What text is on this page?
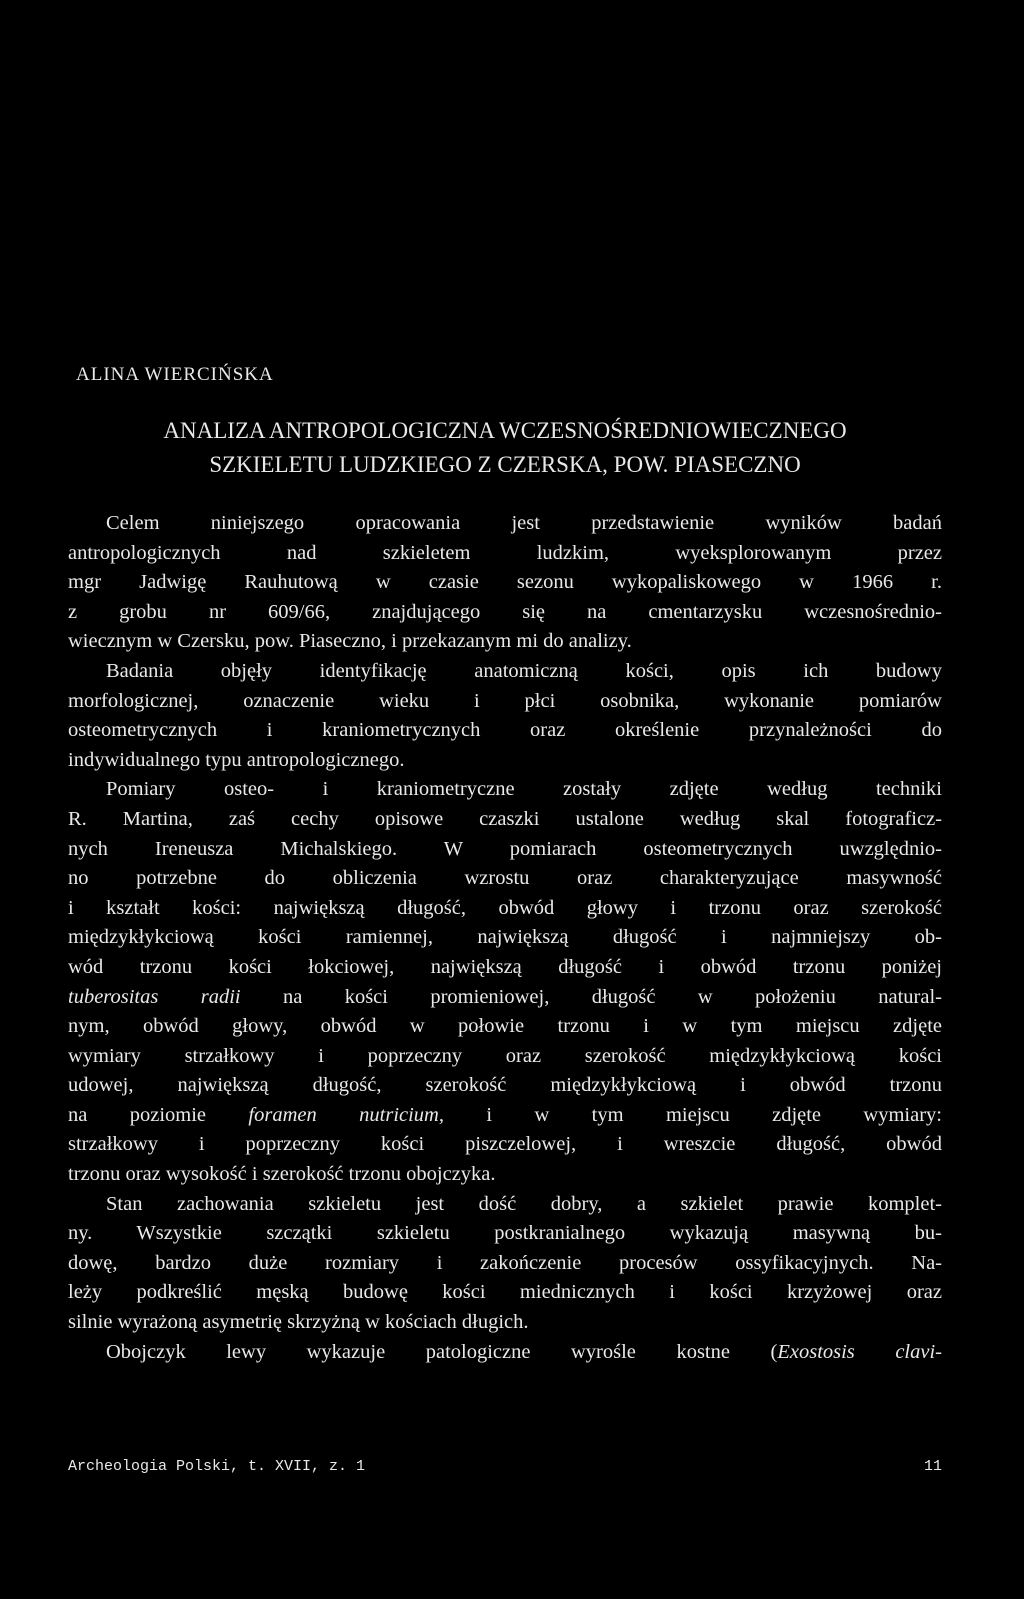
ALINA WIERCIŃSKA
ANALIZA ANTROPOLOGICZNA WCZESNOŚREDNIOWIECZNEGO
SZKIELETU LUDZKIEGO Z CZERSKA, POW. PIASECZNO
Celem niniejszego opracowania jest przedstawienie wyników badań
antropologicznych nad szkieletem ludzkim, wyeksplorowanym przez
mgr Jadwigę Rauhutową w czasie sezonu wykopaliskowego w 1966 r.
z grobu nr 609/66, znajdującego się na cmentarzysku wczesnośrednio-
wiecznym w Czersku, pow. Piaseczno, i przekazanym mi do analizy.
Badania objęły identyfikację anatomiczną kości, opis ich budowy
morfologicznej, oznaczenie wieku i płci osobnika, wykonanie pomiarów
osteometrycznych i kraniometrycznych oraz określenie przynależności do
indywidualnego typu antropologicznego.
Pomiary osteo- i kraniometryczne zostały zdjęte według techniki
R. Martina, zaś cechy opisowe czaszki ustalone według skal fotograficz-
nych Ireneusza Michalskiego. W pomiarach osteometrycznych uwzględnio-
no potrzebne do obliczenia wzrostu oraz charakteryzujące masywność
i kształt kości: największą długość, obwód głowy i trzonu oraz szerokość
międzykłykciową kości ramiennej, największą długość i najmniejszy ob-
wód trzonu kości łokciowej, największą długość i obwód trzonu poniżej
tuberositas radii na kości promieniowej, długość w położeniu natural-
nym, obwód głowy, obwód w połowie trzonu i w tym miejscu zdjęte
wymiary strzałkowy i poprzeczny oraz szerokość międzykłykciową kości
udowej, największą długość, szerokość międzykłykciową i obwód trzonu
na poziomie foramen nutricium, i w tym miejscu zdjęte wymiary:
strzałkowy i poprzeczny kości piszczelowej, i wreszcie długość, obwód
trzonu oraz wysokość i szerokość trzonu obojczyka.
Stan zachowania szkieletu jest dość dobry, a szkielet prawie komplet-
ny. Wszystkie szczątki szkieletu postkranialnego wykazują masywną bu-
dowę, bardzo duże rozmiary i zakończenie procesów ossyfikacyjnych. Na-
leży podkreślić męską budowę kości miednicznych i kości krzyżowej oraz
silnie wyrażoną asymetrię skrzyżną w kościach długich.
Obojczyk lewy wykazuje patologiczne wyrośle kostne (Exostosis clavi-
Archeologia Polski, t. XVII, z. 1	11
